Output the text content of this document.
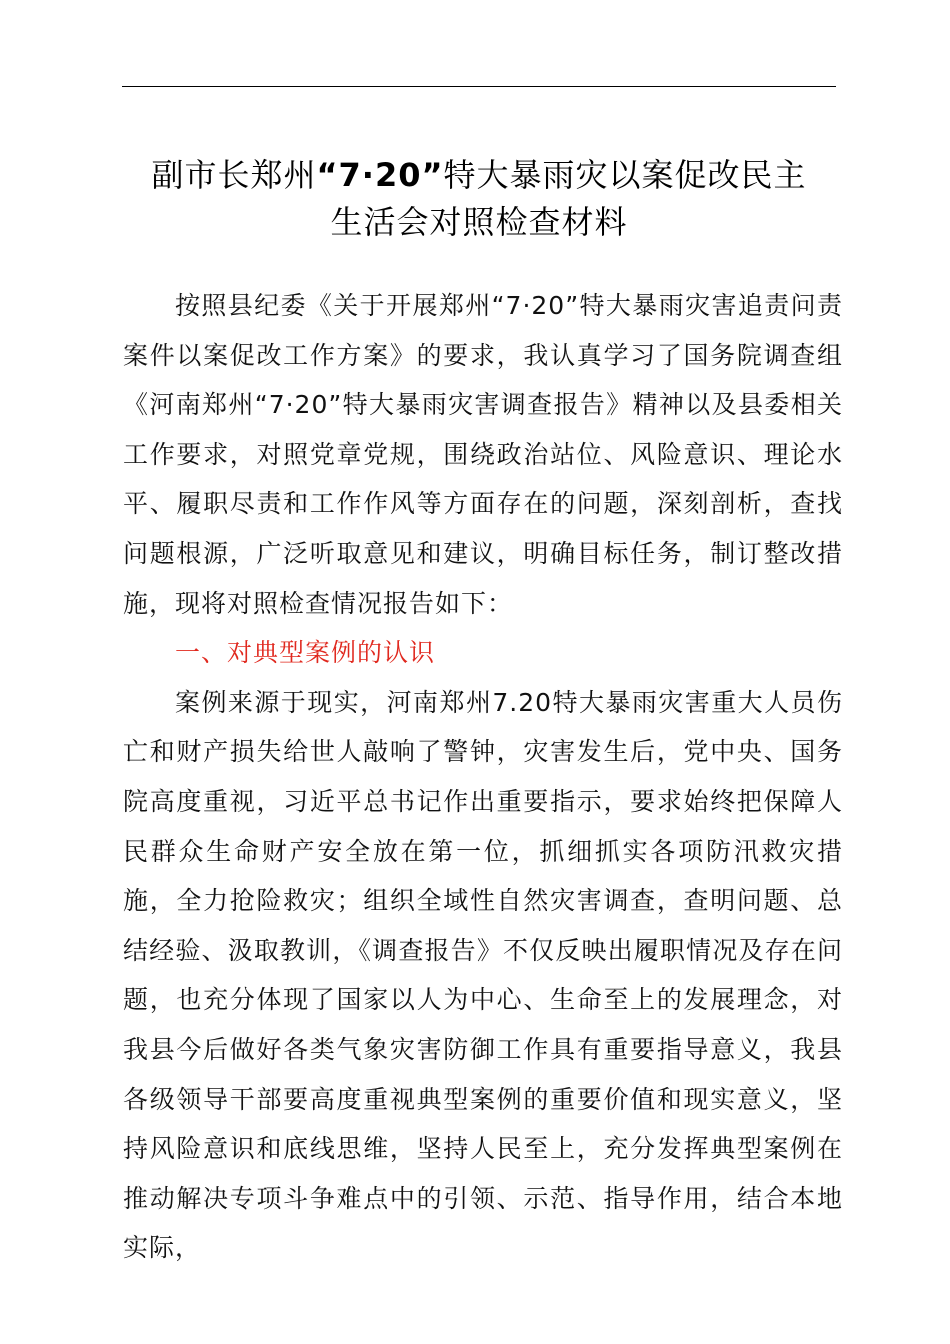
副市长郑州“7·20”特大暴雨灾以案促改民主
生活会对照检查材料

按照县纪委《关于开展郑州“7·20”特大暴雨灾害追责问责案件以案促改工作方案》的要求，我认真学习了国务院调查组《河南郑州“7·20”特大暴雨灾害调查报告》精神以及县委相关工作要求，对照党章党规，围绕政治站位、风险意识、理论水平、履职尽责和工作作风等方面存在的问题，深刻剖析，查找问题根源，广泛听取意见和建议，明确目标任务，制订整改措施，现将对照检查情况报告如下：

一、对典型案例的认识

案例来源于现实，河南郑州7.20特大暴雨灾害重大人员伤亡和财产损失给世人敲响了警钟，灾害发生后，党中央、国务院高度重视，习近平总书记作出重要指示，要求始终把保障人民群众生命财产安全放在第一位，抓细抓实各项防汛救灾措施，全力抢险救灾；组织全域性自然灾害调查，查明问题、总结经验、汲取教训，《调查报告》不仅反映出履职情况及存在问题，也充分体现了国家以人为中心、生命至上的发展理念，对我县今后做好各类气象灾害防御工作具有重要指导意义，我县各级领导干部要高度重视典型案例的重要价值和现实意义，坚持风险意识和底线思维，坚持人民至上，充分发挥典型案例在推动解决专项斗争难点中的引领、示范、指导作用，结合本地实际，
